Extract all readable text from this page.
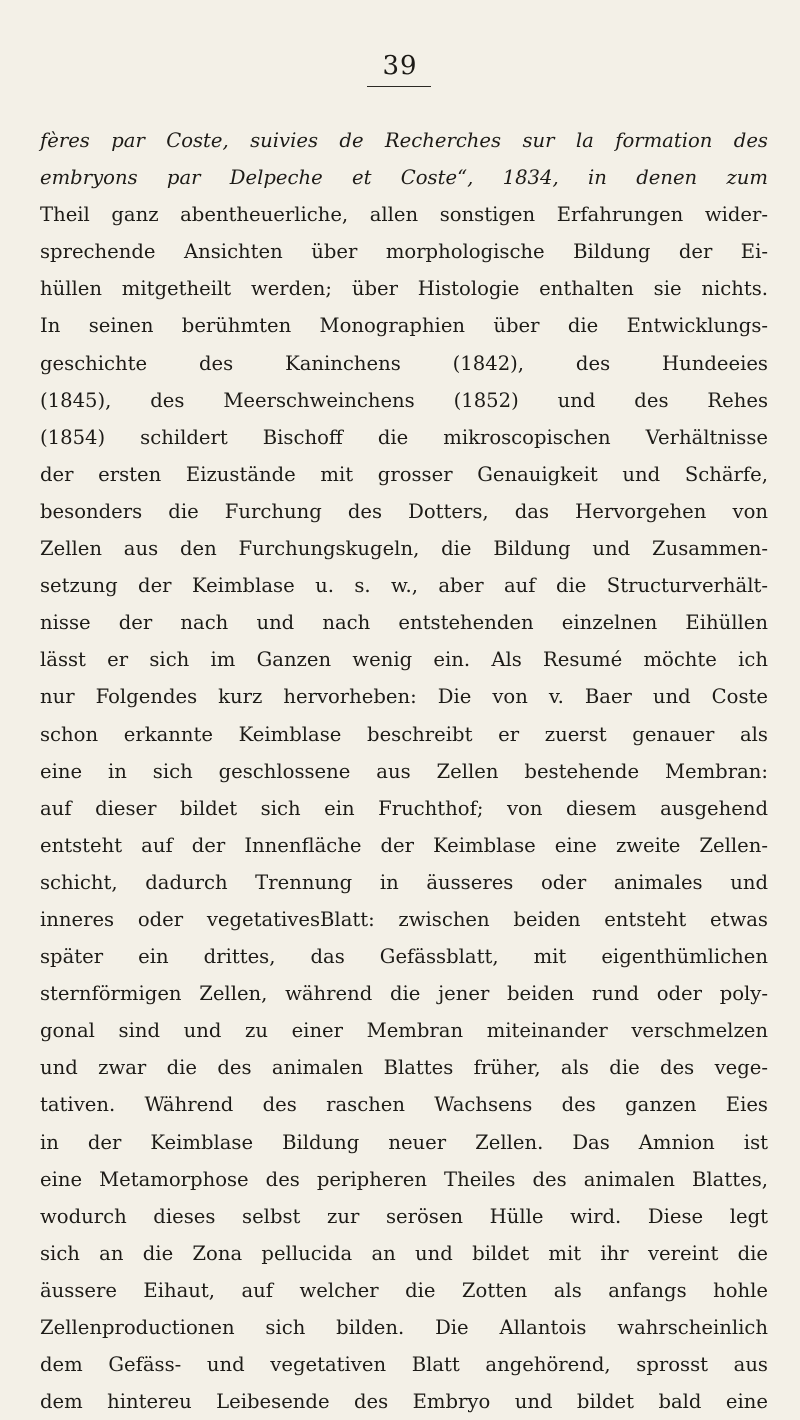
39
fères par Coste, suivies de Recherches sur la formation des
embryons par Delpeche et Coste“, 1834, in denen zum
Theil ganz abentheuerliche, allen sonstigen Erfahrungen wider-
sprechende Ansichten über morphologische Bildung der Ei-
hüllen mitgetheilt werden; über Histologie enthalten sie nichts.
In seinen berühmten Monographien über die Entwicklungs-
geschichte des Kaninchens (1842), des Hundeeies
(1845), des Meerschweinchens (1852) und des Rehes
(1854) schildert Bischoff die mikroscopischen Verhältnisse
der ersten Eizustände mit grosser Genauigkeit und Schärfe,
besonders die Furchung des Dotters, das Hervorgehen von
Zellen aus den Furchungskugeln, die Bildung und Zusammen-
setzung der Keimblase u. s. w., aber auf die Structurverhält-
nisse der nach und nach entstehenden einzelnen Eihüllen
lässt er sich im Ganzen wenig ein. Als Resumé möchte ich
nur Folgendes kurz hervorheben: Die von v. Baer und Coste
schon erkannte Keimblase beschreibt er zuerst genauer als
eine in sich geschlossene aus Zellen bestehende Membran:
auf dieser bildet sich ein Fruchthof; von diesem ausgehend
entsteht auf der Innenfläche der Keimblase eine zweite Zellen-
schicht, dadurch Trennung in äusseres oder animales und
inneres oder vegetativesBlatt: zwischen beiden entsteht etwas
später ein drittes, das Gefässblatt, mit eigenthümlichen
sternförmigen Zellen, während die jener beiden rund oder poly-
gonal sind und zu einer Membran miteinander verschmelzen
und zwar die des animalen Blattes früher, als die des vege-
tativen. Während des raschen Wachsens des ganzen Eies
in der Keimblase Bildung neuer Zellen. Das Amnion ist
eine Metamorphose des peripheren Theiles des animalen Blattes,
wodurch dieses selbst zur serösen Hülle wird. Diese legt
sich an die Zona pellucida an und bildet mit ihr vereint die
äussere Eihaut, auf welcher die Zotten als anfangs hohle
Zellenproductionen sich bilden. Die Allantois wahrscheinlich
dem Gefäss- und vegetativen Blatt angehörend, sprosst aus
dem hintereu Leibesende des Embryo und bildet bald eine
